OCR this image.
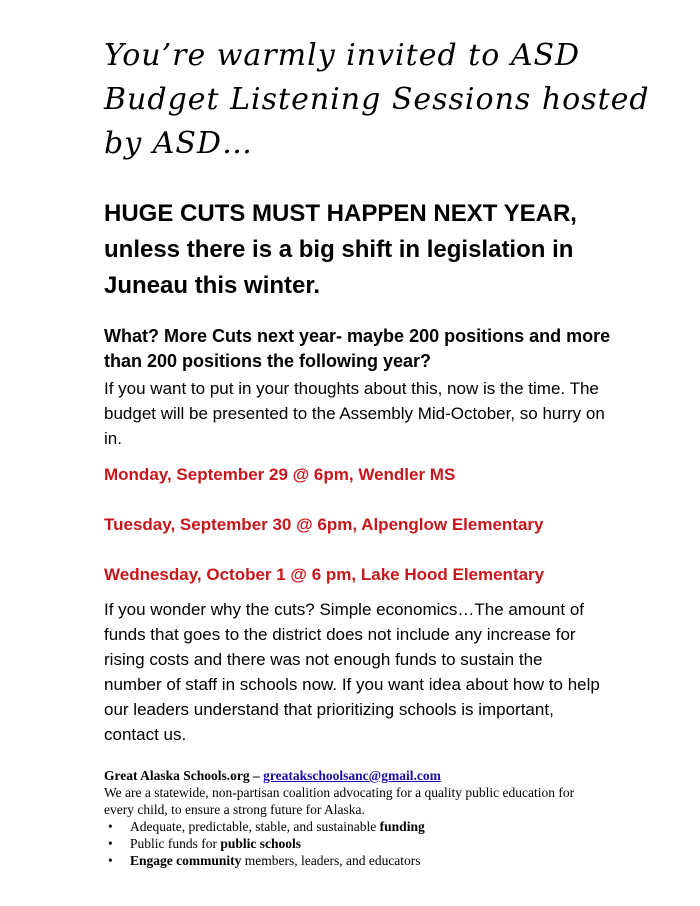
You’re warmly invited to ASD Budget Listening Sessions hosted by ASD…
HUGE CUTS MUST HAPPEN NEXT YEAR, unless there is a big shift in legislation in Juneau this winter.

What? More Cuts next year- maybe 200 positions and more than 200 positions the following year?

If you want to put in your thoughts about this, now is the time. The budget will be presented to the Assembly Mid-October, so hurry on in.

Monday, September 29 @ 6pm, Wendler MS

Tuesday, September 30 @ 6pm, Alpenglow Elementary

Wednesday, October 1 @ 6 pm, Lake Hood Elementary

If you wonder why the cuts? Simple economics…The amount of funds that goes to the district does not include any increase for rising costs and there was not enough funds to sustain the number of staff in schools now. If you want idea about how to help our leaders understand that prioritizing schools is important, contact us.

Great Alaska Schools.org – greatakschoolsanc@gmail.com

We are a statewide, non-partisan coalition advocating for a quality public education for every child, to ensure a strong future for Alaska.

• Adequate, predictable, stable, and sustainable funding
• Public funds for public schools
• Engage community members, leaders, and educators
